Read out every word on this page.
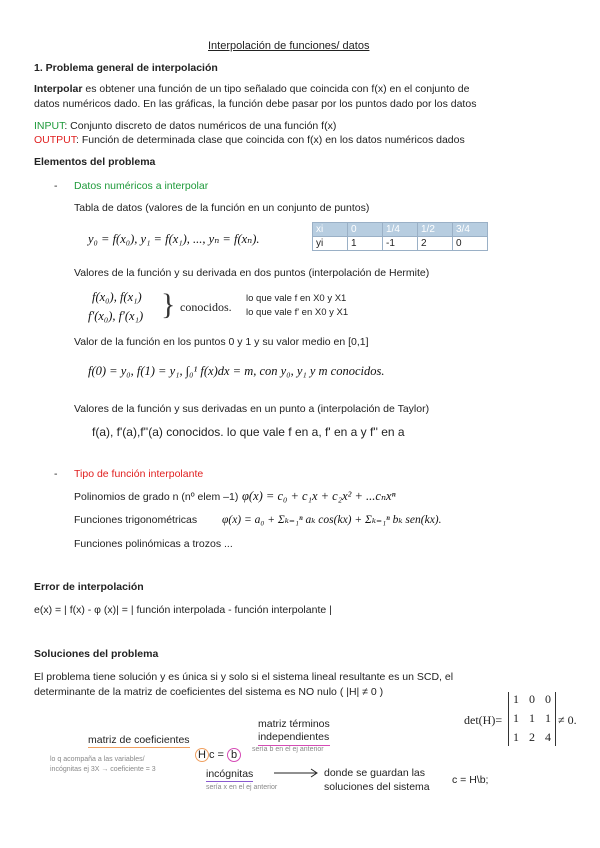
Interpolación de funciones/ datos
1. Problema general de interpolación
Interpolar es obtener una función de un tipo señalado que coincida con f(x) en el conjunto de
datos numéricos dado. En las gráficas, la función debe pasar por los puntos dado por los datos
INPUT: Conjunto discreto de datos numéricos de una función f(x)
OUTPUT: Función de determinada clase que coincida con f(x) en los datos numéricos dados
Elementos del problema
- Datos numéricos a interpolar
Tabla de datos (valores de la función en un conjunto de puntos)
y₀ = f(x₀), y₁ = f(x₁), ..., yₙ = f(xₙ).
xi	0	1/4	1/2	3/4
yi	1	-1	2	0
Valores de la función y su derivada en dos puntos (interpolación de Hermite)
f(x₀), f(x₁)
f′(x₀), f′(x₁) } conocidos.
lo que vale f en X0 y X1
lo que vale f' en X0 y X1
Valor de la función en los puntos 0 y 1 y su valor medio en [0,1]
f(0) = y₀, f(1) = y₁, ∫₀¹ f(x)dx = m, con y₀, y₁ y m conocidos.
Valores de la función y sus derivadas en un punto a (interpolación de Taylor)
f(a), f'(a),f''(a) conocidos. lo que vale f en a, f' en a y f'' en a
- Tipo de función interpolante
Polinomios de grado n (nº elem –1) φ(x) = c₀ + c₁x + c₂x² + ...cₙxⁿ
Funciones trigonométricas φ(x) = a₀ + Σₖ₌₁ⁿ aₖ cos(kx) + Σₖ₌₁ⁿ bₖ sen(kx).
Funciones polinómicas a trozos ...
Error de interpolación
e(x) = | f(x) - φ (x)| = | función interpolada - función interpolante |
Soluciones del problema
El problema tiene solución y es única si y solo si el sistema lineal resultante es un SCD, el
determinante de la matriz de coeficientes del sistema es NO nulo ( |H| ≠ 0 )
det(H)=
1 0 0
1 1 1
1 2 4
≠ 0.
matriz términos
independientes
sería b en el ej anterior
matriz de coeficientes
lo q acompaña a las variables/
incógnitas ej 3X → coeficiente = 3
H c = b
incógnitas
sería x en el ej anterior
donde se guardan las
soluciones del sistema
c = H\b;
